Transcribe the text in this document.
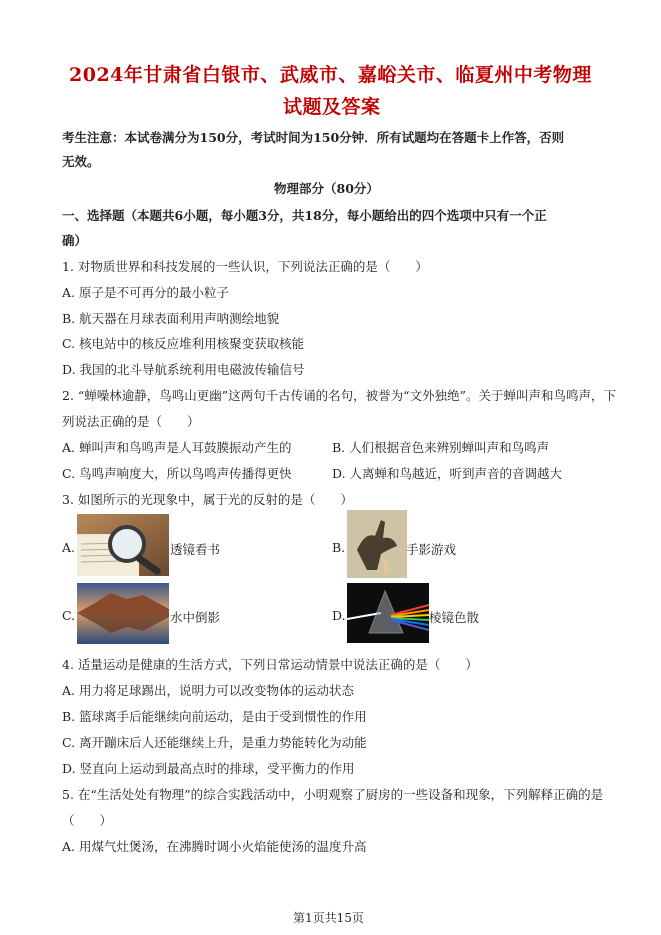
2024年甘肃省白银市、武威市、嘉峪关市、临夏州中考物理
试题及答案
考生注意：本试卷满分为150分，考试时间为150分钟．所有试题均在答题卡上作答，否则
无效。
物理部分（80分）
一、选择题（本题共6小题，每小题3分，共18分，每小题给出的四个选项中只有一个正
确）
1. 对物质世界和科技发展的一些认识，下列说法正确的是（　　）
A. 原子是不可再分的最小粒子
B. 航天器在月球表面利用声呐测绘地貌
C. 核电站中的核反应堆利用核聚变获取核能
D. 我国的北斗导航系统利用电磁波传输信号
2. “蝉噪林逾静，鸟鸣山更幽”这两句千古传诵的名句，被誉为“文外独绝”。关于蝉叫声和鸟鸣声，下
列说法正确的是（　　）
A. 蝉叫声和鸟鸣声是人耳鼓膜振动产生的	B. 人们根据音色来辨别蝉叫声和鸟鸣声
C. 鸟鸣声响度大，所以鸟鸣声传播得更快	D. 人离蝉和鸟越近，听到声音的音调越大
3. 如图所示的光现象中，属于光的反射的是（　　）
A.	透镜看书	B.	手影游戏
C.	水中倒影	D.	棱镜色散
4. 适量运动是健康的生活方式，下列日常运动情景中说法正确的是（　　）
A. 用力将足球踢出，说明力可以改变物体的运动状态
B. 篮球离手后能继续向前运动，是由于受到惯性的作用
C. 离开蹦床后人还能继续上升，是重力势能转化为动能
D. 竖直向上运动到最高点时的排球，受平衡力的作用
5. 在“生活处处有物理”的综合实践活动中，小明观察了厨房的一些设备和现象，下列解释正确的是
（　　）
A. 用煤气灶煲汤，在沸腾时调小火焰能使汤的温度升高
第1页共15页
